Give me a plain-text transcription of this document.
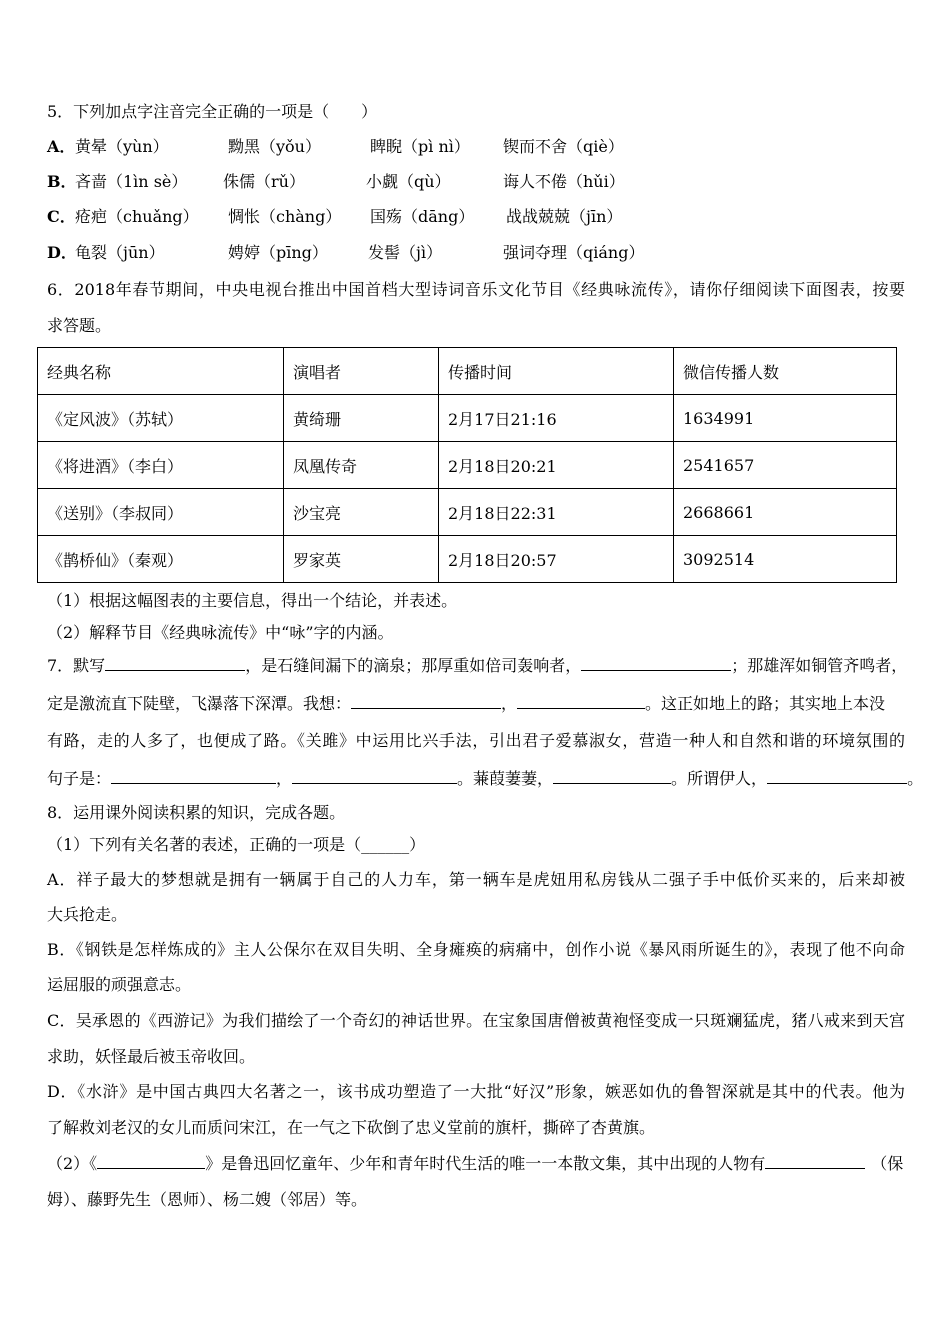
5．下列加点字注音完全正确的一项是（　　）
A． 黄晕（yùn）	黝黑（yǒu）	睥睨（pì nì） 锲而不舍（qiè）
B．
吝啬（1ìn sè） 侏儒（rǔ）	小觑（qù）	诲人不倦（hǔi）
C． 疮疤（chuǎng） 惆怅（chàng） 国殇（dāng） 战战兢兢（jīn）
D．
龟裂（jūn）	娉婷（pīng）	发髻（jì）	强词夺理（qiáng）
6．2018年春节期间，中央电视台推出中国首档大型诗词音乐文化节目《经典咏流传》，请你仔细阅读下面图表，按要
求答题。
经典名称	演唱者	传播时间	微信传播人数
《定风波》（苏轼）	黄绮珊	2月17日21:16	1634991
《将进酒》（李白）	凤凰传奇	2月18日20:21	2541657
《送别》（李叔同）	沙宝亮	2月18日22:31	2668661
《鹊桥仙》（秦观）	罗家英	2月18日20:57	3092514
（1）根据这幅图表的主要信息，得出一个结论，并表述。
（2）解释节目《经典咏流传》中“咏”字的内涵。
7．默写	，是石缝间漏下的滴泉；那厚重如倍司轰响者，	；那雄浑如铜管齐鸣者，
定是激流直下陡壁，飞瀑落下深潭。我想：	，	。这正如地上的路；其实地上本没
有路，走的人多了，也便成了路。《关雎》中运用比兴手法，引出君子爱慕淑女，营造一种人和自然和谐的环境氛围的
句子是：	，	。蒹葭萋萋，	。所谓伊人，	。
8．运用课外阅读积累的知识，完成各题。
（1）下列有关名著的表述，正确的一项是（______）
A．祥子最大的梦想就是拥有一辆属于自己的人力车，第一辆车是虎妞用私房钱从二强子手中低价买来的，后来却被
大兵抢走。
B．《钢铁是怎样炼成的》主人公保尔在双目失明、全身瘫痪的病痛中，创作小说《暴风雨所诞生的》，表现了他不向命
运屈服的顽强意志。
C．吴承恩的《西游记》为我们描绘了一个奇幻的神话世界。在宝象国唐僧被黄袍怪变成一只斑斓猛虎，猪八戒来到天宫
求助，妖怪最后被玉帝收回。
D．《水浒》是中国古典四大名著之一，该书成功塑造了一大批“好汉”形象，嫉恶如仇的鲁智深就是其中的代表。他为
了解救刘老汉的女儿而质问宋江，在一气之下砍倒了忠义堂前的旗杆，撕碎了杏黄旗。
（2）《	》是鲁迅回忆童年、少年和青年时代生活的唯一一本散文集，其中出现的人物有	（保
姆）、藤野先生（恩师）、杨二嫂（邻居）等。
